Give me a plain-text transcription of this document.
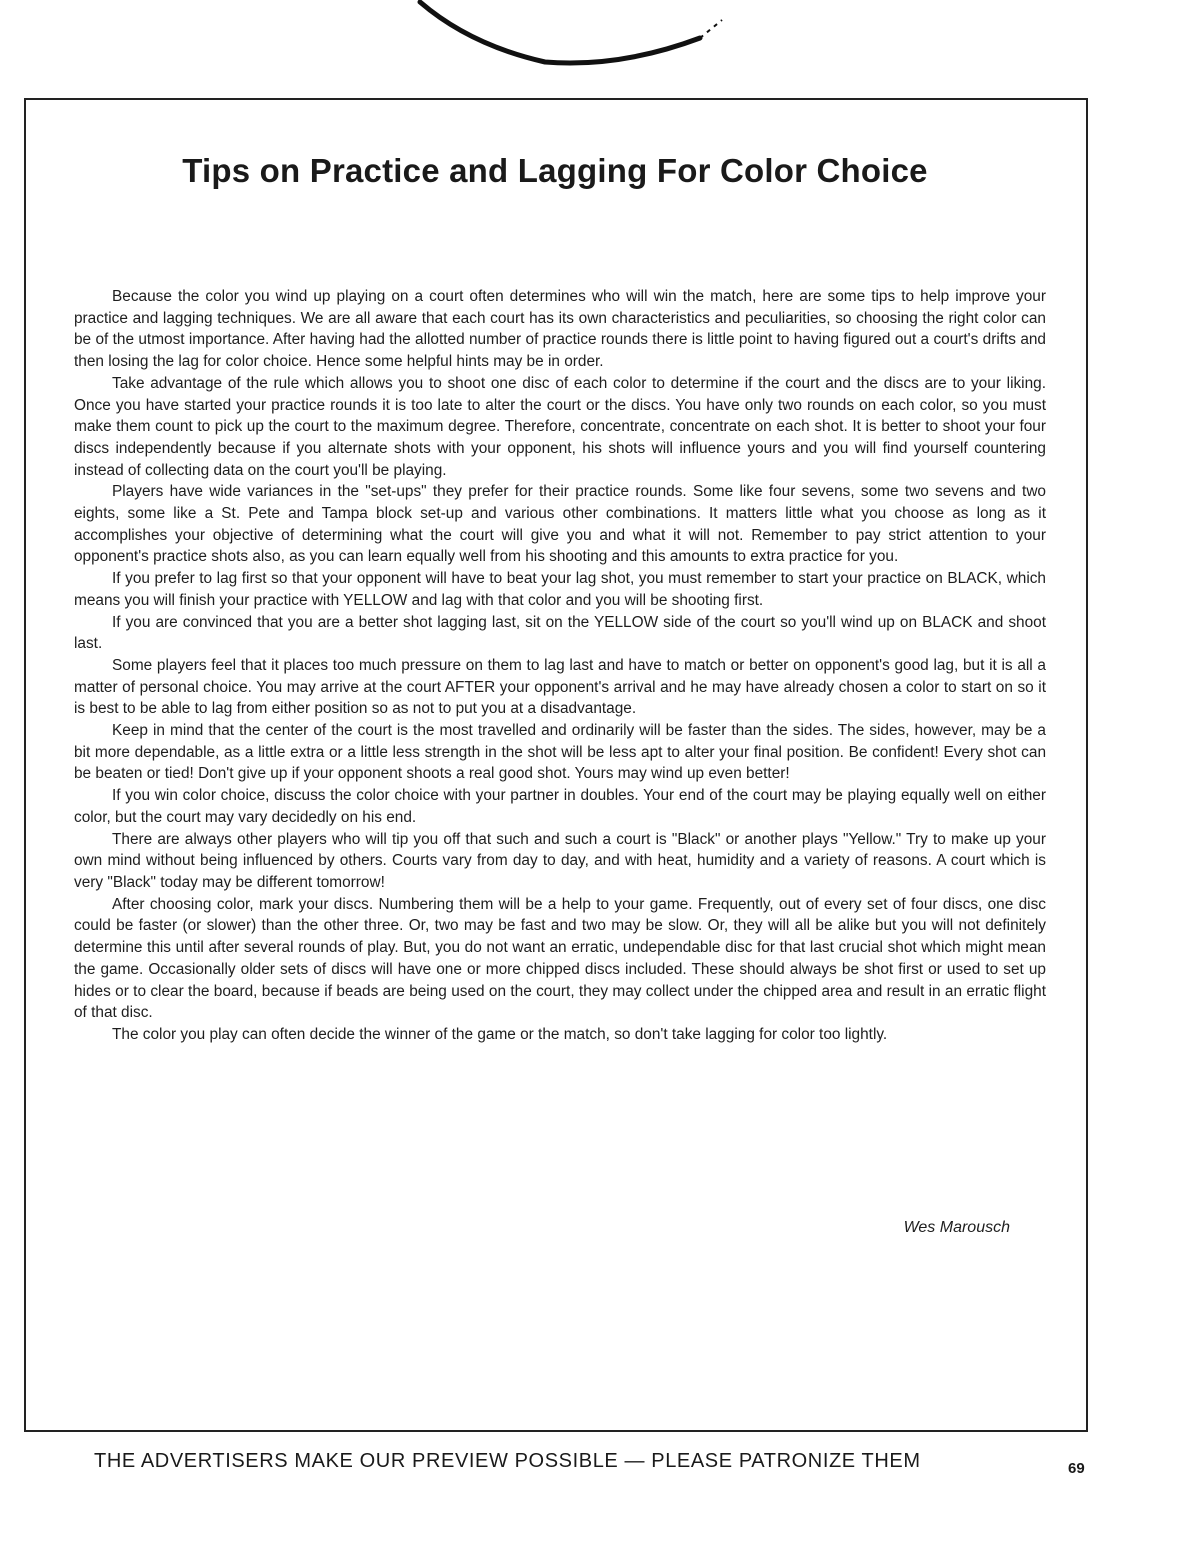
Tips on Practice and Lagging For Color Choice

Because the color you wind up playing on a court often determines who will win the match, here are some tips to help improve your practice and lagging techniques. We are all aware that each court has its own characteristics and peculiarities, so choosing the right color can be of the utmost importance. After having had the allotted number of practice rounds there is little point to having figured out a court's drifts and then losing the lag for color choice. Hence some helpful hints may be in order.

Take advantage of the rule which allows you to shoot one disc of each color to determine if the court and the discs are to your liking. Once you have started your practice rounds it is too late to alter the court or the discs. You have only two rounds on each color, so you must make them count to pick up the court to the maximum degree. Therefore, concentrate, concentrate on each shot. It is better to shoot your four discs independently because if you alternate shots with your opponent, his shots will influence yours and you will find yourself countering instead of collecting data on the court you'll be playing.

Players have wide variances in the "set-ups" they prefer for their practice rounds. Some like four sevens, some two sevens and two eights, some like a St. Pete and Tampa block set-up and various other combinations. It matters little what you choose as long as it accomplishes your objective of determining what the court will give you and what it will not. Remember to pay strict attention to your opponent's practice shots also, as you can learn equally well from his shooting and this amounts to extra practice for you.

If you prefer to lag first so that your opponent will have to beat your lag shot, you must remember to start your practice on BLACK, which means you will finish your practice with YELLOW and lag with that color and you will be shooting first.

If you are convinced that you are a better shot lagging last, sit on the YELLOW side of the court so you'll wind up on BLACK and shoot last.

Some players feel that it places too much pressure on them to lag last and have to match or better on opponent's good lag, but it is all a matter of personal choice. You may arrive at the court AFTER your opponent's arrival and he may have already chosen a color to start on so it is best to be able to lag from either position so as not to put you at a disadvantage.

Keep in mind that the center of the court is the most travelled and ordinarily will be faster than the sides. The sides, however, may be a bit more dependable, as a little extra or a little less strength in the shot will be less apt to alter your final position. Be confident! Every shot can be beaten or tied! Don't give up if your opponent shoots a real good shot. Yours may wind up even better!

If you win color choice, discuss the color choice with your partner in doubles. Your end of the court may be playing equally well on either color, but the court may vary decidedly on his end.

There are always other players who will tip you off that such and such a court is "Black" or another plays "Yellow." Try to make up your own mind without being influenced by others. Courts vary from day to day, and with heat, humidity and a variety of reasons. A court which is very "Black" today may be different tomorrow!

After choosing color, mark your discs. Numbering them will be a help to your game. Frequently, out of every set of four discs, one disc could be faster (or slower) than the other three. Or, two may be fast and two may be slow. Or, they will all be alike but you will not definitely determine this until after several rounds of play. But, you do not want an erratic, undependable disc for that last crucial shot which might mean the game. Occasionally older sets of discs will have one or more chipped discs included. These should always be shot first or used to set up hides or to clear the board, because if beads are being used on the court, they may collect under the chipped area and result in an erratic flight of that disc.

The color you play can often decide the winner of the game or the match, so don't take lagging for color too lightly.

Wes Marousch
THE ADVERTISERS MAKE OUR PREVIEW POSSIBLE — PLEASE PATRONIZE THEM	69
